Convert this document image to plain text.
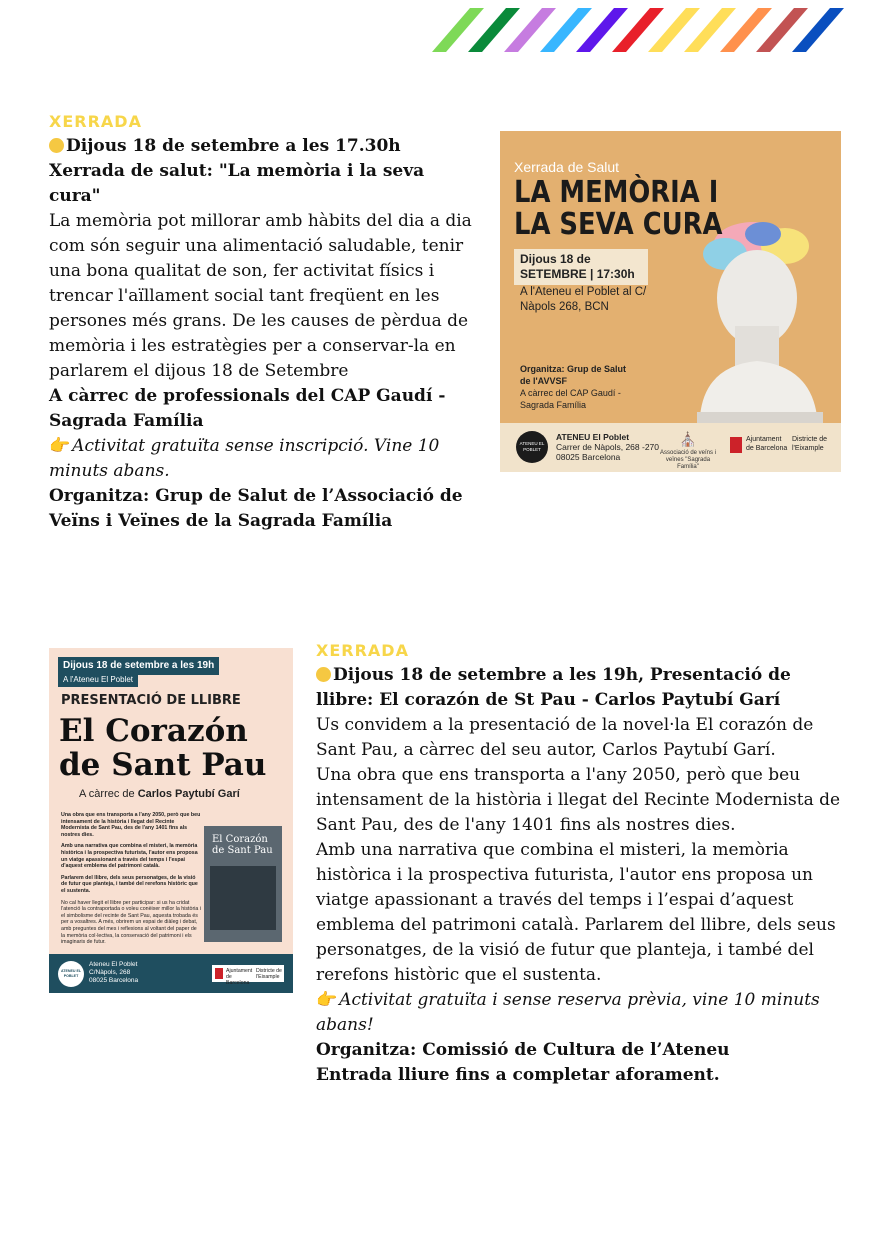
XERRADA
Dijous 18 de setembre a les 17.30h

Xerrada de salut: "La memòria i la seva cura"

La memòria pot millorar amb hàbits del dia a dia com són seguir una alimentació saludable, tenir una bona qualitat de son, fer activitat físics i trencar l'aïllament social tant freqüent en les persones més grans. De les causes de pèrdua de memòria i les estratègies per a conservar-la en parlarem el dijous 18 de Setembre

A càrrec de professionals del CAP Gaudí - Sagrada Família

👉 Activitat gratuïta sense inscripció. Vine 10 minuts abans.

Organitza: Grup de Salut de l’Associació de Veïns i Veïnes de la Sagrada Família

Xerrada de Salut
LA MEMÒRIA I LA SEVA CURA
Dijous 18 de SETEMBRE | 17:30h
A l'Ateneu el Poblet al C/ Nàpols 268, BCN
Organitza: Grup de Salut de l'AVVSF
A càrrec del CAP Gaudí - Sagrada Família
ATENEU EL POBLET
ATENEU El Poblet
Carrer de Nàpols, 268 -270
08025 Barcelona
⛪
Associació de veïns i veïnes "Sagrada Família"
Ajuntament de Barcelona
Districte de l'Eixample
Dijous 18 de setembre a les 19h
A l'Ateneu El Poblet
PRESENTACIÓ DE LLIBRE
El Corazón de Sant Pau
A càrrec de Carlos Paytubí Garí

Una obra que ens transporta a l'any 2050, però que beu intensament de la història i llegat del Recinte Modernista de Sant Pau, des de l'any 1401 fins als nostres dies.

Amb una narrativa que combina el misteri, la memòria històrica i la prospectiva futurista, l'autor ens proposa un viatge apassionant a través del temps i l'espai d'aquest emblema del patrimoni català.

Parlarem del llibre, dels seus personatges, de la visió de futur que planteja, i també del rerefons històric que el sustenta.

No cal haver llegit el llibre per participar: si us ha cridat l'atenció la contraportada o voleu conèixer millor la història i el simbolisme del recinte de Sant Pau, aquesta trobada és per a vosaltres. A més, obrirem un espai de diàleg i debat, amb preguntes del mes i reflexions al voltant del paper de la memòria col·lectiva, la conservació del patrimoni i els imaginaris de futur.

El Corazón de Sant Pau
ATENEU EL POBLET
Ateneu El Poblet
C/Nàpols, 268
08025 Barcelona
Ajuntament de Barcelona
Districte de l'Eixample
XERRADA

Dijous 18 de setembre a les 19h, Presentació de llibre: El corazón de St Pau - Carlos Paytubí Garí

Us convidem a la presentació de la novel·la El corazón de Sant Pau, a càrrec del seu autor, Carlos Paytubí Garí.

Una obra que ens transporta a l'any 2050, però que beu intensament de la història i llegat del Recinte Modernista de Sant Pau, des de l'any 1401 fins als nostres dies.

Amb una narrativa que combina el misteri, la memòria històrica i la prospectiva futurista, l'autor ens proposa un viatge apassionant a través del temps i l’espai d’aquest emblema del patrimoni català. Parlarem del llibre, dels seus personatges, de la visió de futur que planteja, i també del rerefons històric que el sustenta.

👉 Activitat gratuïta i sense reserva prèvia, vine 10 minuts abans!

Organitza: Comissió de Cultura de l’Ateneu

Entrada lliure fins a completar aforament.
